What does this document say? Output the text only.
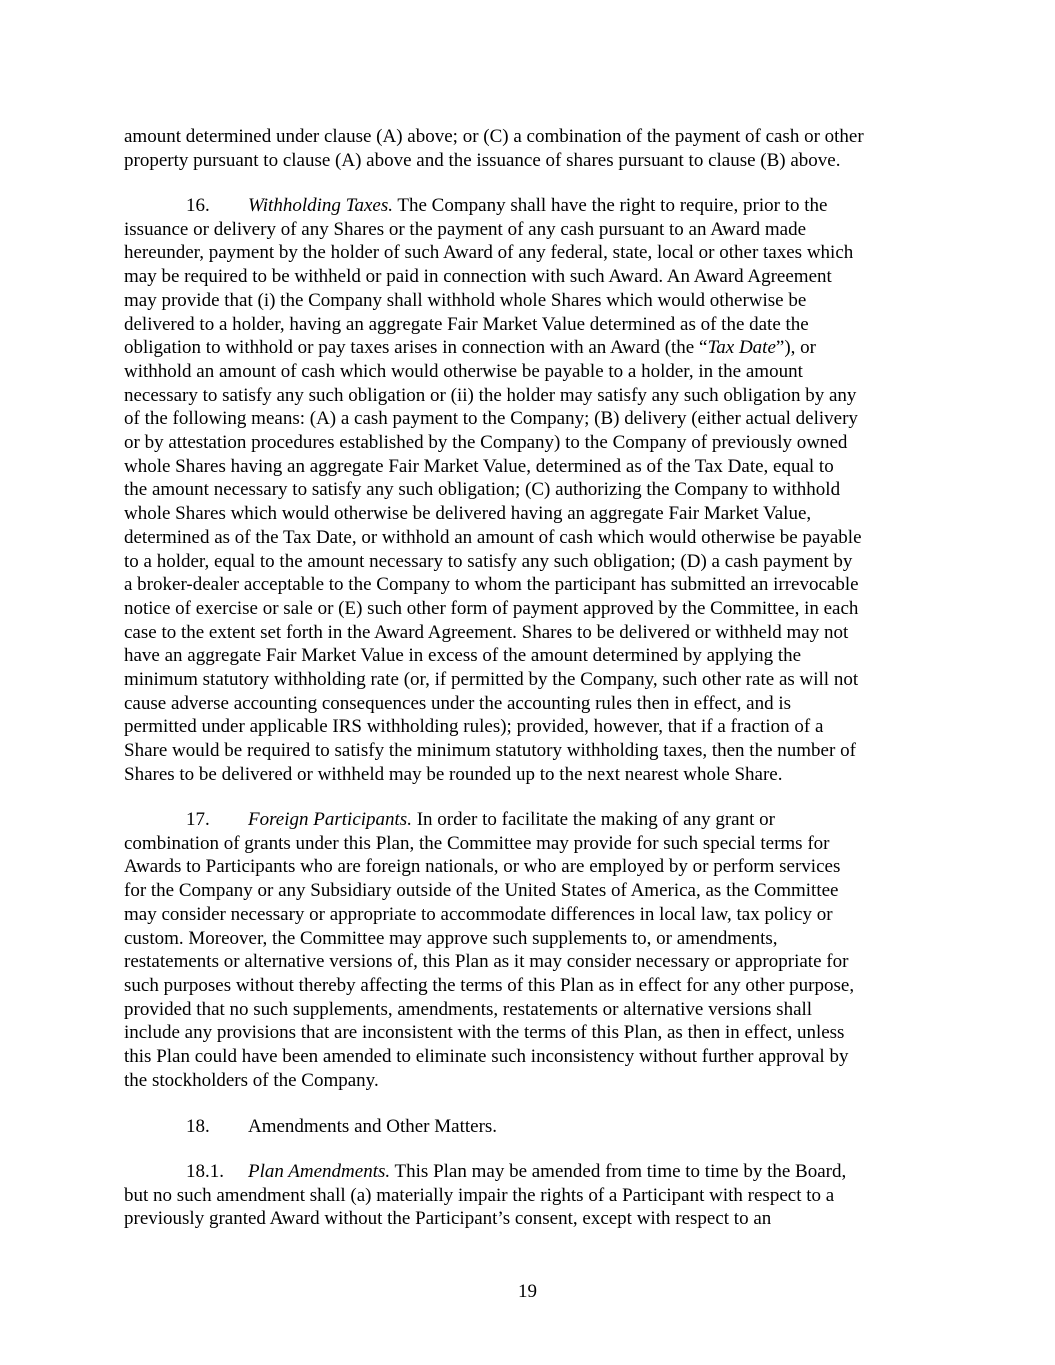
amount determined under clause (A) above; or (C) a combination of the payment of cash or other
property pursuant to clause (A) above and the issuance of shares pursuant to clause (B) above.
16. Withholding Taxes. The Company shall have the right to require, prior to the
issuance or delivery of any Shares or the payment of any cash pursuant to an Award made
hereunder, payment by the holder of such Award of any federal, state, local or other taxes which
may be required to be withheld or paid in connection with such Award. An Award Agreement
may provide that (i) the Company shall withhold whole Shares which would otherwise be
delivered to a holder, having an aggregate Fair Market Value determined as of the date the
obligation to withhold or pay taxes arises in connection with an Award (the “Tax Date”), or
withhold an amount of cash which would otherwise be payable to a holder, in the amount
necessary to satisfy any such obligation or (ii) the holder may satisfy any such obligation by any
of the following means: (A) a cash payment to the Company; (B) delivery (either actual delivery
or by attestation procedures established by the Company) to the Company of previously owned
whole Shares having an aggregate Fair Market Value, determined as of the Tax Date, equal to
the amount necessary to satisfy any such obligation; (C) authorizing the Company to withhold
whole Shares which would otherwise be delivered having an aggregate Fair Market Value,
determined as of the Tax Date, or withhold an amount of cash which would otherwise be payable
to a holder, equal to the amount necessary to satisfy any such obligation; (D) a cash payment by
a broker-dealer acceptable to the Company to whom the participant has submitted an irrevocable
notice of exercise or sale or (E) such other form of payment approved by the Committee, in each
case to the extent set forth in the Award Agreement. Shares to be delivered or withheld may not
have an aggregate Fair Market Value in excess of the amount determined by applying the
minimum statutory withholding rate (or, if permitted by the Company, such other rate as will not
cause adverse accounting consequences under the accounting rules then in effect, and is
permitted under applicable IRS withholding rules); provided, however, that if a fraction of a
Share would be required to satisfy the minimum statutory withholding taxes, then the number of
Shares to be delivered or withheld may be rounded up to the next nearest whole Share.
17. Foreign Participants. In order to facilitate the making of any grant or
combination of grants under this Plan, the Committee may provide for such special terms for
Awards to Participants who are foreign nationals, or who are employed by or perform services
for the Company or any Subsidiary outside of the United States of America, as the Committee
may consider necessary or appropriate to accommodate differences in local law, tax policy or
custom. Moreover, the Committee may approve such supplements to, or amendments,
restatements or alternative versions of, this Plan as it may consider necessary or appropriate for
such purposes without thereby affecting the terms of this Plan as in effect for any other purpose,
provided that no such supplements, amendments, restatements or alternative versions shall
include any provisions that are inconsistent with the terms of this Plan, as then in effect, unless
this Plan could have been amended to eliminate such inconsistency without further approval by
the stockholders of the Company.
18. Amendments and Other Matters.
18.1. Plan Amendments. This Plan may be amended from time to time by the Board,
but no such amendment shall (a) materially impair the rights of a Participant with respect to a
previously granted Award without the Participant’s consent, except with respect to an
19
